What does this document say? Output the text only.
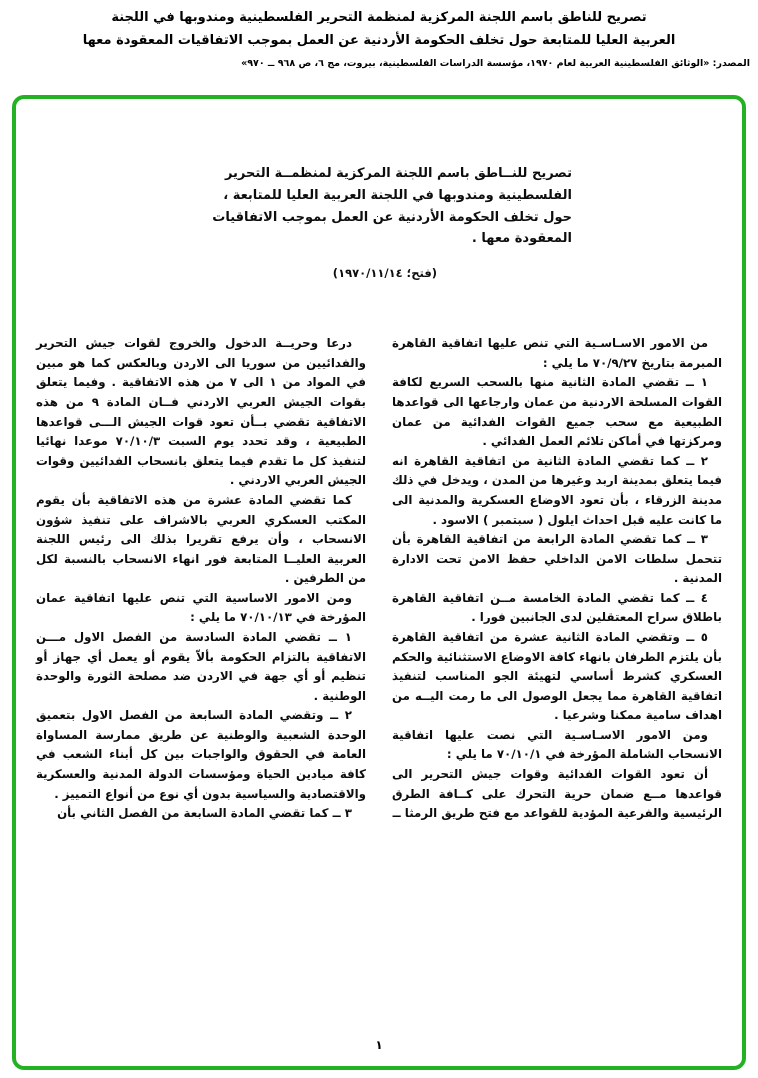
تصريح للناطق باسم اللجنة المركزية لمنظمة التحرير الفلسطينية ومندوبها في اللجنة
العربية العليا للمتابعة حول تخلف الحكومة الأردنية عن العمل بموجب الاتفاقيات المعقودة معها
المصدر: «الوثائق الفلسطينية العربية لعام ١٩٧٠، مؤسسة الدراسات الفلسطينية، بيروت، مج ٦، ص ٩٦٨ ــ ٩٧٠»
تصريح للنــاطق باسم اللجنة المركزية لمنظمــة التحرير
الفلسطينية ومندوبها في اللجنة العربية العليا للمتابعة ،
حول تخلف الحكومة الأردنية عن العمل بموجب الاتفاقيات
المعقودة معها .
(فتح؛ ١٩٧٠/١١/١٤)

من الامور الاسـاسـية التي تنص عليها اتفاقية القاهرة المبرمة بتاريخ ٧٠/٩/٢٧ ما يلي :

١ ــ تقضي المادة الثانية منها بالسحب السريع لكافة القوات المسلحة الاردنية من عمان وارجاعها الى قواعدها الطبيعية مع سحب جميع القوات الفدائية من عمان ومركزتها في أماكن تلائم العمل الفدائي .

٢ ــ كما تقضي المادة الثانية من اتفاقية القاهرة انه فيما يتعلق بمدينة اربد وغيرها من المدن ، ويدخل في ذلك مدينة الزرقاء ، بأن تعود الاوضاع العسكرية والمدنية الى ما كانت عليه قبل احداث ايلول ( سبتمبر ) الاسود .

٣ ــ كما تقضي المادة الرابعة من اتفاقية القاهرة بأن تتحمل سلطات الامن الداخلي حفظ الامن تحت الادارة المدنية .

٤ ــ كما تقضي المادة الخامسة مــن اتفاقية القاهرة باطلاق سراح المعتقلين لدى الجانبين فورا .

٥ ــ وتقضي المادة الثانية عشرة من اتفاقية القاهرة بأن يلتزم الطرفان بانهاء كافة الاوضاع الاستثنائية والحكم العسكري كشرط أساسي لتهيئة الجو المناسب لتنفيذ اتفاقية القاهرة مما يجعل الوصول الى ما رمت اليــه من اهداف سامية ممكنا وشرعيا .

ومن الامور الاسـاسـية التي نصت عليها اتفاقية الانسحاب الشاملة المؤرخة في ٧٠/١٠/١ ما يلي :

أن تعود القوات الفدائية وقوات جيش التحرير الى قواعدها مــع ضمان حرية التحرك على كــافة الطرق الرئيسية والفرعية المؤدية للقواعد مع فتح طريق الرمثا ــ

درعا وحريــة الدخول والخروج لقوات جيش التحرير والفدائيين من سوريا الى الاردن وبالعكس كما هو مبين في المواد من ١ الى ٧ من هذه الاتفاقية . وفيما يتعلق بقوات الجيش العربي الاردني فــان المادة ٩ من هذه الاتفاقية تقضي بــأن تعود قوات الجيش الـــى قواعدها الطبيعية ، وقد تحدد يوم السبت ٧٠/١٠/٣ موعدا نهائيا لتنفيذ كل ما تقدم فيما يتعلق بانسحاب الفدائيين وقوات الجيش العربي الاردني .

كما تقضي المادة عشرة من هذه الاتفاقية بأن يقوم المكتب العسكري العربي بالاشراف على تنفيذ شؤون الانسحاب ، وأن يرفع تقريرا بذلك الى رئيس اللجنة العربية العليــا المتابعة فور انهاء الانسحاب بالنسبة لكل من الطرفين .

ومن الامور الاساسية التي تنص عليها اتفاقية عمان المؤرخة في ٧٠/١٠/١٣ ما يلي :

١ ــ تقضي المادة السادسة من الفصل الاول مـــن الاتفاقية بالتزام الحكومة بألاّ يقوم أو يعمل أي جهاز أو تنظيم أو أي جهة في الاردن ضد مصلحة الثورة والوحدة الوطنية .

٢ ــ وتقضي المادة السابعة من الفصل الاول بتعميق الوحدة الشعبية والوطنية عن طريق ممارسة المساواة العامة في الحقوق والواجبات بين كل أبناء الشعب في كافة ميادين الحياة ومؤسسات الدولة المدنية والعسكرية والاقتصادية والسياسية بدون أي نوع من أنواع التمييز .

٣ ــ كما تقضي المادة السابعة من الفصل الثاني بأن

١
